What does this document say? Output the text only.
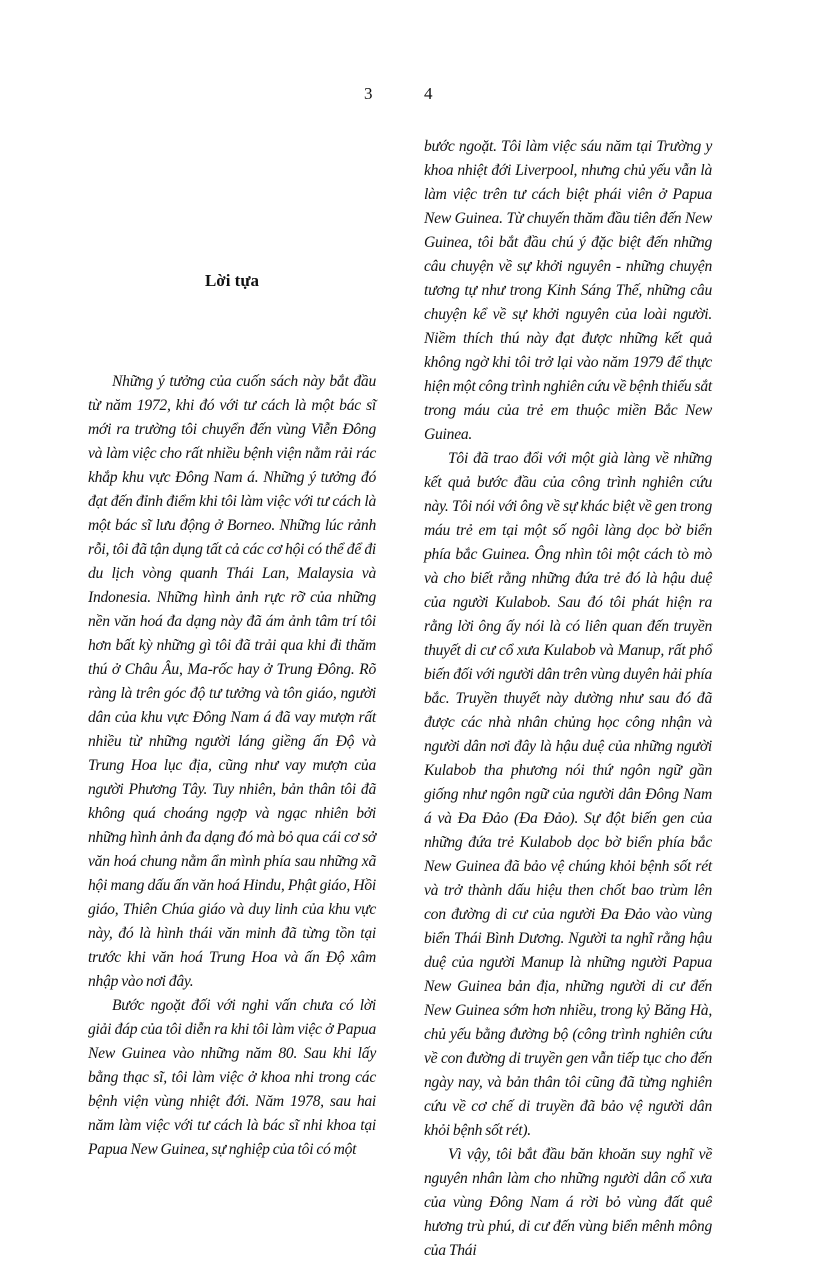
3	4
Lời tựa

Những ý tưởng của cuốn sách này bắt đầu từ năm 1972, khi đó với tư cách là một bác sĩ mới ra trường tôi chuyển đến vùng Viễn Đông và làm việc cho rất nhiều bệnh viện nằm rải rác khắp khu vực Đông Nam á. Những ý tưởng đó đạt đến đỉnh điểm khi tôi làm việc với tư cách là một bác sĩ lưu động ở Borneo. Những lúc rảnh rỗi, tôi đã tận dụng tất cả các cơ hội có thể để đi du lịch vòng quanh Thái Lan, Malaysia và Indonesia. Những hình ảnh rực rỡ của những nền văn hoá đa dạng này đã ám ảnh tâm trí tôi hơn bất kỳ những gì tôi đã trải qua khi đi thăm thú ở Châu Âu, Ma-rốc hay ở Trung Đông. Rõ ràng là trên góc độ tư tưởng và tôn giáo, người dân của khu vực Đông Nam á đã vay mượn rất nhiều từ những người láng giềng ấn Độ và Trung Hoa lục địa, cũng như vay mượn của người Phương Tây. Tuy nhiên, bản thân tôi đã không quá choáng ngợp và ngạc nhiên bởi những hình ảnh đa dạng đó mà bỏ qua cái cơ sở văn hoá chung nằm ẩn mình phía sau những xã hội mang dấu ấn văn hoá Hindu, Phật giáo, Hồi giáo, Thiên Chúa giáo và duy linh của khu vực này, đó là hình thái văn minh đã từng tồn tại trước khi văn hoá Trung Hoa và ấn Độ xâm nhập vào nơi đây.

Bước ngoặt đối với nghi vấn chưa có lời giải đáp của tôi diễn ra khi tôi làm việc ở Papua New Guinea vào những năm 80. Sau khi lấy bằng thạc sĩ, tôi làm việc ở khoa nhi trong các bệnh viện vùng nhiệt đới. Năm 1978, sau hai năm làm việc với tư cách là bác sĩ nhi khoa tại Papua New Guinea, sự nghiệp của tôi có một

bước ngoặt. Tôi làm việc sáu năm tại Trường y khoa nhiệt đới Liverpool, nhưng chủ yếu vẫn là làm việc trên tư cách biệt phái viên ở Papua New Guinea. Từ chuyến thăm đầu tiên đến New Guinea, tôi bắt đầu chú ý đặc biệt đến những câu chuyện về sự khởi nguyên - những chuyện tương tự như trong Kinh Sáng Thế, những câu chuyện kể về sự khởi nguyên của loài người. Niềm thích thú này đạt được những kết quả không ngờ khi tôi trở lại vào năm 1979 để thực hiện một công trình nghiên cứu về bệnh thiếu sắt trong máu của trẻ em thuộc miền Bắc New Guinea.

Tôi đã trao đổi với một già làng về những kết quả bước đầu của công trình nghiên cứu này. Tôi nói với ông về sự khác biệt về gen trong máu trẻ em tại một số ngôi làng dọc bờ biển phía bắc Guinea. Ông nhìn tôi một cách tò mò và cho biết rằng những đứa trẻ đó là hậu duệ của người Kulabob. Sau đó tôi phát hiện ra rằng lời ông ấy nói là có liên quan đến truyền thuyết di cư cổ xưa Kulabob và Manup, rất phổ biến đối với người dân trên vùng duyên hải phía bắc. Truyền thuyết này dường như sau đó đã được các nhà nhân chủng học công nhận và người dân nơi đây là hậu duệ của những người Kulabob tha phương nói thứ ngôn ngữ gần giống như ngôn ngữ của người dân Đông Nam á và Đa Đảo (Đa Đảo). Sự đột biến gen của những đứa trẻ Kulabob dọc bờ biển phía bắc New Guinea đã bảo vệ chúng khỏi bệnh sốt rét và trở thành dấu hiệu then chốt bao trùm lên con đường di cư của người Đa Đảo vào vùng biển Thái Bình Dương. Người ta nghĩ rằng hậu duệ của người Manup là những người Papua New Guinea bản địa, những người di cư đến New Guinea sớm hơn nhiều, trong kỷ Băng Hà, chủ yếu bằng đường bộ (công trình nghiên cứu về con đường di truyền gen vẫn tiếp tục cho đến ngày nay, và bản thân tôi cũng đã từng nghiên cứu về cơ chế di truyền đã bảo vệ người dân khỏi bệnh sốt rét).

Vì vậy, tôi bắt đầu băn khoăn suy nghĩ về nguyên nhân làm cho những người dân cổ xưa của vùng Đông Nam á rời bỏ vùng đất quê hương trù phú, di cư đến vùng biển mênh mông của Thái
